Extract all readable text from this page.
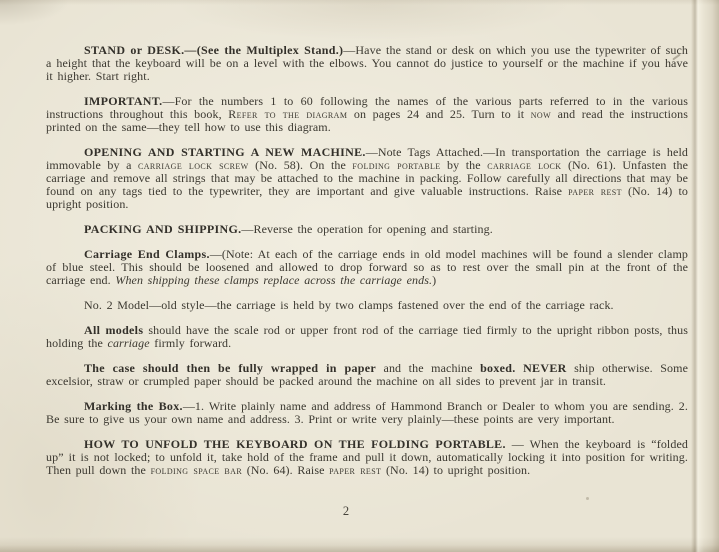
STAND or DESK.—(See the Multiplex Stand.)—Have the stand or desk on which you use the typewriter of such a height that the keyboard will be on a level with the elbows. You cannot do justice to yourself or the machine if you have it higher. Start right.

IMPORTANT.—For the numbers 1 to 60 following the names of the various parts referred to in the various instructions throughout this book, Refer to the diagram on pages 24 and 25. Turn to it now and read the instructions printed on the same—they tell how to use this diagram.

OPENING AND STARTING A NEW MACHINE.—Note Tags Attached.—In transportation the carriage is held immovable by a carriage lock screw (No. 58). On the folding portable by the carriage lock (No. 61). Unfasten the carriage and remove all strings that may be attached to the machine in packing. Follow carefully all directions that may be found on any tags tied to the typewriter, they are important and give valuable instructions. Raise paper rest (No. 14) to upright position.

PACKING AND SHIPPING.—Reverse the operation for opening and starting.

Carriage End Clamps.—(Note: At each of the carriage ends in old model machines will be found a slender clamp of blue steel. This should be loosened and allowed to drop forward so as to rest over the small pin at the front of the carriage end. When shipping these clamps replace across the carriage ends.)

No. 2 Model—old style—the carriage is held by two clamps fastened over the end of the carriage rack.

All models should have the scale rod or upper front rod of the carriage tied firmly to the upright ribbon posts, thus holding the carriage firmly forward.

The case should then be fully wrapped in paper and the machine boxed. NEVER ship otherwise. Some excelsior, straw or crumpled paper should be packed around the machine on all sides to prevent jar in transit.

Marking the Box.—1. Write plainly name and address of Hammond Branch or Dealer to whom you are sending. 2. Be sure to give us your own name and address. 3. Print or write very plainly—these points are very important.

HOW TO UNFOLD THE KEYBOARD ON THE FOLDING PORTABLE. — When the keyboard is “folded up” it is not locked; to unfold it, take hold of the frame and pull it down, automatically locking it into position for writing. Then pull down the folding space bar (No. 64). Raise paper rest (No. 14) to upright position.

2
